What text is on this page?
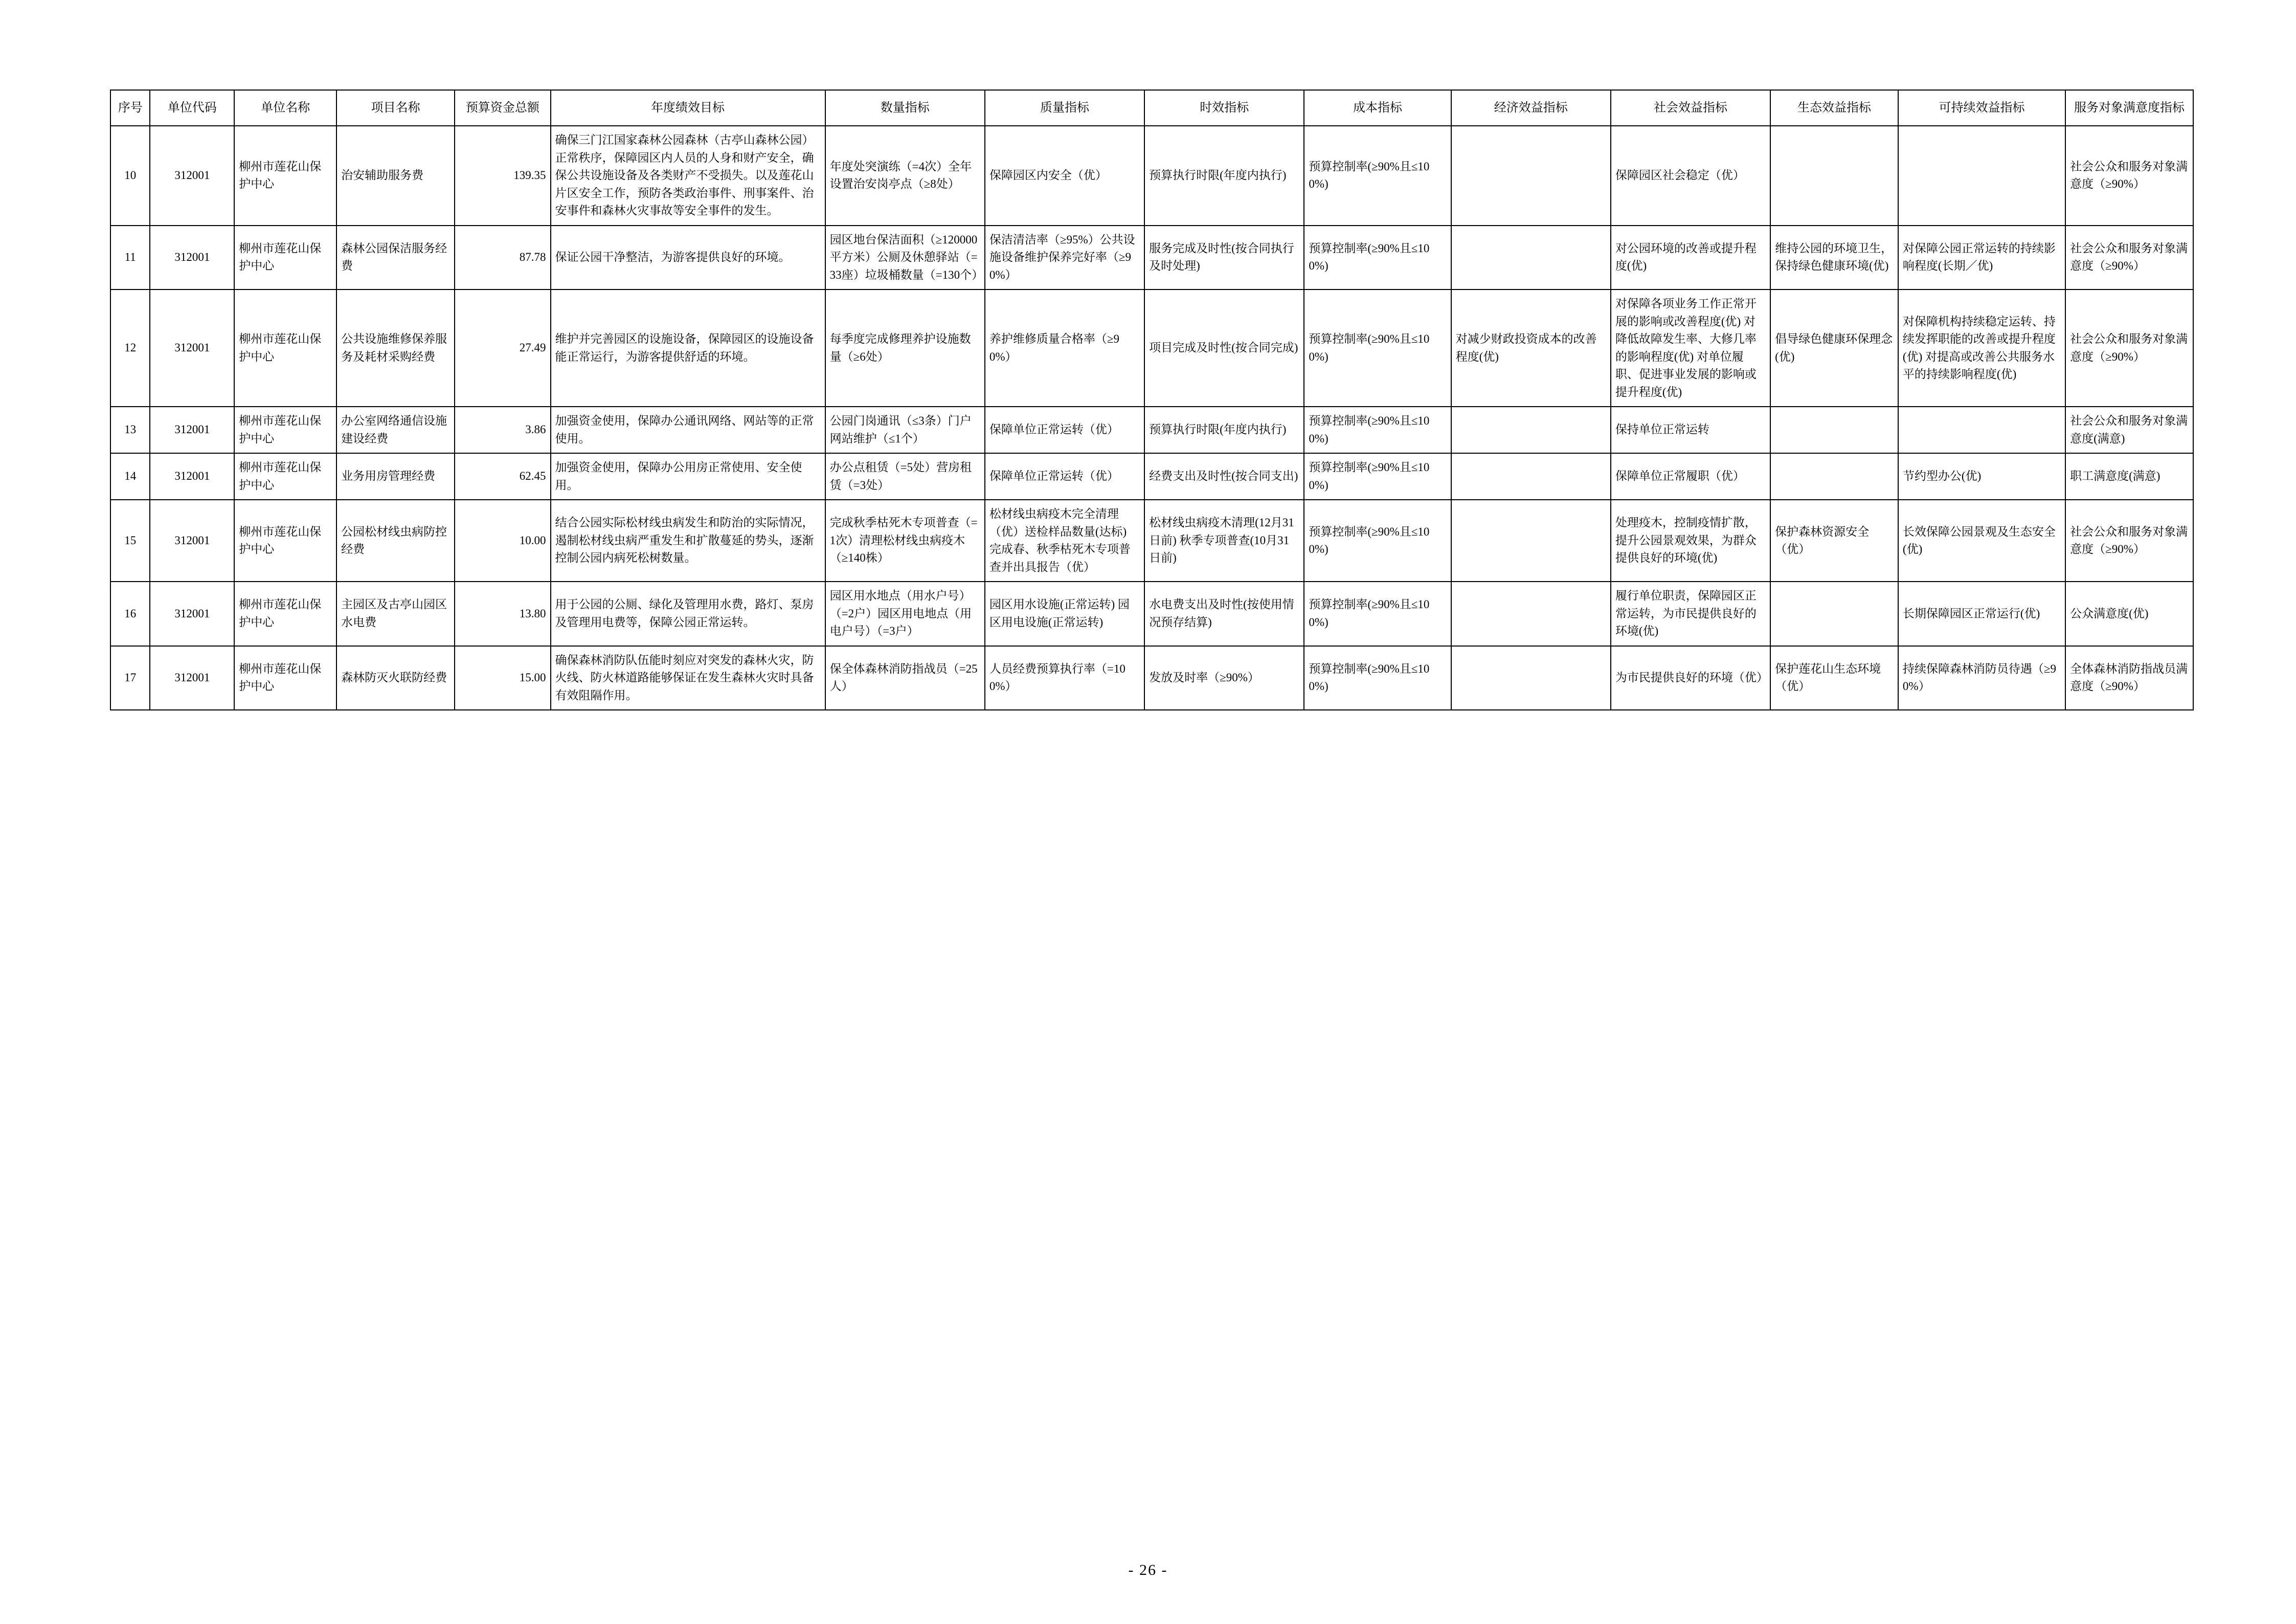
序号	单位代码	单位名称	项目名称	预算资金总额	年度绩效目标	数量指标	质量指标	时效指标	成本指标	经济效益指标	社会效益指标	生态效益指标	可持续效益指标	服务对象满意度指标
10	312001	柳州市莲花山保护中心	治安辅助服务费	139.35	确保三门江国家森林公园森林（古亭山森林公园）正常秩序，保障园区内人员的人身和财产安全，确保公共设施设备及各类财产不受损失。以及莲花山片区安全工作，预防各类政治事件、刑事案件、治安事件和森林火灾事故等安全事件的发生。	年度处突演练（=4次）全年设置治安岗亭点（≥8处）	保障园区内安全（优）	预算执行时限(年度内执行)	预算控制率(≥90%且≤100%)		保障园区社会稳定（优）			社会公众和服务对象满意度（≥90%）
11	312001	柳州市莲花山保护中心	森林公园保洁服务经费	87.78	保证公园干净整洁，为游客提供良好的环境。	园区地台保洁面积（≥120000平方米）公厕及休憩驿站（=33座）垃圾桶数量（=130个）	保洁清洁率（≥95%）公共设施设备维护保养完好率（≥90%）	服务完成及时性(按合同执行及时处理)	预算控制率(≥90%且≤100%)		对公园环境的改善或提升程度(优)	维持公园的环境卫生，保持绿色健康环境(优)	对保障公园正常运转的持续影响程度(长期／优)	社会公众和服务对象满意度（≥90%）
12	312001	柳州市莲花山保护中心	公共设施维修保养服务及耗材采购经费	27.49	维护并完善园区的设施设备，保障园区的设施设备能正常运行，为游客提供舒适的环境。	每季度完成修理养护设施数量（≥6处）	养护维修质量合格率（≥90%）	项目完成及时性(按合同完成)	预算控制率(≥90%且≤100%)	对减少财政投资成本的改善程度(优)	对保障各项业务工作正常开展的影响或改善程度(优) 对降低故障发生率、大修几率的影响程度(优) 对单位履职、促进事业发展的影响或提升程度(优)	倡导绿色健康环保理念(优)	对保障机构持续稳定运转、持续发挥职能的改善或提升程度(优) 对提高或改善公共服务水平的持续影响程度(优)	社会公众和服务对象满意度（≥90%）
13	312001	柳州市莲花山保护中心	办公室网络通信设施建设经费	3.86	加强资金使用，保障办公通讯网络、网站等的正常使用。	公园门岗通讯（≤3条）门户网站维护（≤1个）	保障单位正常运转（优）	预算执行时限(年度内执行)	预算控制率(≥90%且≤100%)		保持单位正常运转			社会公众和服务对象满意度(满意)
14	312001	柳州市莲花山保护中心	业务用房管理经费	62.45	加强资金使用，保障办公用房正常使用、安全使用。	办公点租赁（=5处）营房租赁（=3处）	保障单位正常运转（优）	经费支出及时性(按合同支出)	预算控制率(≥90%且≤100%)		保障单位正常履职（优）		节约型办公(优)	职工满意度(满意)
15	312001	柳州市莲花山保护中心	公园松材线虫病防控经费	10.00	结合公园实际松材线虫病发生和防治的实际情况，遏制松材线虫病严重发生和扩散蔓延的势头，逐渐控制公园内病死松树数量。	完成秋季枯死木专项普查（=1次）清理松材线虫病疫木（≥140株）	松材线虫病疫木完全清理（优）送检样品数量(达标) 完成春、秋季枯死木专项普查并出具报告（优）	松材线虫病疫木清理(12月31日前) 秋季专项普查(10月31日前)	预算控制率(≥90%且≤100%)		处理疫木，控制疫情扩散，提升公园景观效果，为群众提供良好的环境(优)	保护森林资源安全（优）	长效保障公园景观及生态安全(优)	社会公众和服务对象满意度（≥90%）
16	312001	柳州市莲花山保护中心	主园区及古亭山园区水电费	13.80	用于公园的公厕、绿化及管理用水费，路灯、泵房及管理用电费等，保障公园正常运转。	园区用水地点（用水户号）（=2户）园区用电地点（用电户号）（=3户）	园区用水设施(正常运转) 园区用电设施(正常运转)	水电费支出及时性(按使用情况预存结算)	预算控制率(≥90%且≤100%)		履行单位职责，保障园区正常运转，为市民提供良好的环境(优)		长期保障园区正常运行(优)	公众满意度(优)
17	312001	柳州市莲花山保护中心	森林防灭火联防经费	15.00	确保森林消防队伍能时刻应对突发的森林火灾，防火线、防火林道路能够保证在发生森林火灾时具备有效阻隔作用。	保全体森林消防指战员（=25人）	人员经费预算执行率（=100%）	发放及时率（≥90%）	预算控制率(≥90%且≤100%)		为市民提供良好的环境（优）	保护莲花山生态环境（优）	持续保障森林消防员待遇（≥90%）	全体森林消防指战员满意度（≥90%）
- 26 -
